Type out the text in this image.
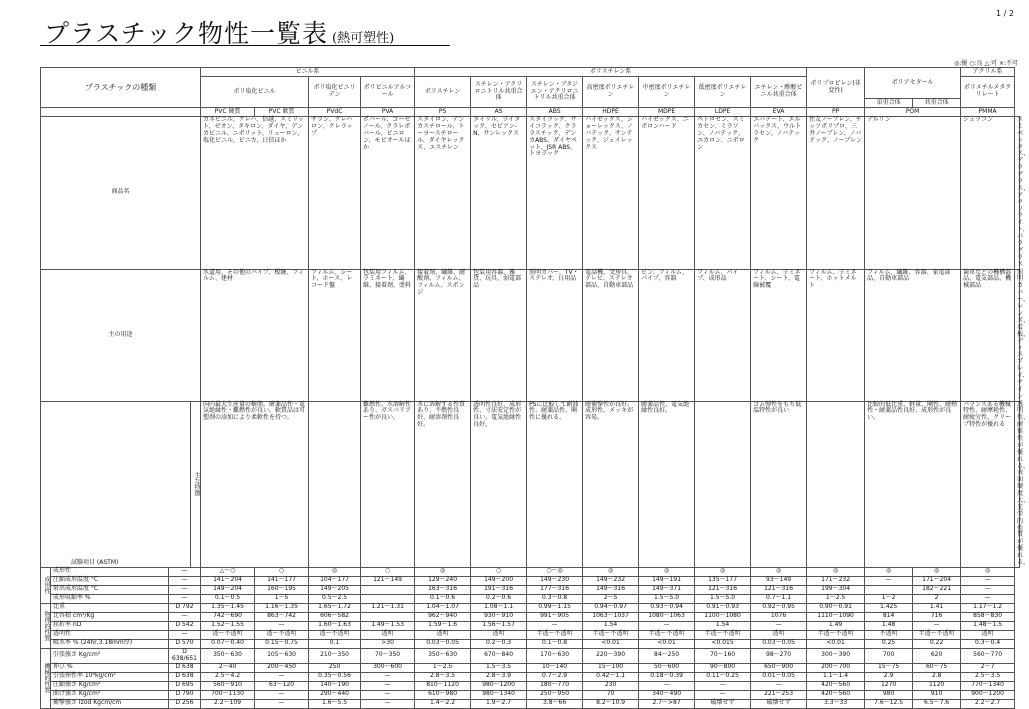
1 / 2
プラスチック物性一覧表 (熱可塑性)
◎:優 ○:良 △:可 ×:不可
プラスチックの種類				ビニル系				ポリスチレン系							ポリプロピレン(非変性)	ポリアセタール		アクリル系	
				ポリ塩化ビニル		ポリ塩化ビニリデン	ポリビニルアルコール	ポリスチレン	スチレン・アクリロニトリル共重合体	スチレン・ブタジエン・アクリロニトリル共重合体	高密度ポリエチレン	中密度ポリエチレン	低密度ポリエチレン	エチレン・酢酸ビニル共重合体				ポリメチルメタクリレート	
																単重合体	共重合体		
				PVC 硬質	PVC 軟質	PVdC	PVA	PS	AS	ABS	HDPE	MDPE	LDPE	EVA	PP	POM		PMMA	
商品名				カネビニル、クレハ、信越、スミリット、ゼオン、タキロン、ダイヤ、デンカビニル、ニポリット、リューロン、塩化ビニル、ビニカ、日信ほか		サラン、クレハロン、クレラップ	ポバール、ゴーセノール、クラレポバール、ビニロン、モビオールほか	スタイロン、デンカスチロール、トーヨースチロール、ダイヤレックス、エスチレン	タイリル、ライタック、セビアン-N、サンレックス	スタイラック、サイコラック、クララスチック、デンカABS、ダイヤペット、JSR ABS、トヨラック	ハイゼックス、ショーレックス、ノバテック、サンテック、ジェイレックス	ハイゼックス、ニポロンハード	ペトロセン、スミカセン、ミラソン、ノバテック、ユカロン、ニポロン	エバテート、エルバックス、ウルトラセン、ノバテック	住友ノーブレン、チッソポリプロ、三井ノーブレン、ノバテック、ノーブレン	デルリン		ジュラコン	スミペックス、デラグラス、アクリライト、パラグラス
主の用途				水道用、その他のパイプ、板継、フィルム、建材		フィルム、シート、ホース、レコード盤	包装用フィルム、ラミネート、繊維、接着剤、塗料	接着剤、繊維、耐酸剤、フィルム、フィルム、スポンジ	包装用容器、雑貨、玩具、弱電部品	照明カバー、TV・ステレオ、日用品	電話機、文房具、テレビ、ステレオ部品、自動車部品	ビン、フィルム、パイプ、容器	フィルム、パイプ、成形品	フィルム、ラミネート、シート、電線被覆	フィルム、ラミネート、ホットメルト	フィルム、繊維、容器、家電部品、自動車部品		歯車などの機構部品、電気部品、機械部品	照明カバー、レンズ、看板、ディスプレイ、サイン
試験項目 (ASTM)			主な特徴	国内最大生産量の樹脂。耐薬品性・電気絶縁性・難燃性が良い。軟質品は可塑剤の添加により柔軟性を持つ。			難燃性。水溶解性あり、ガスバリアー性が良い。	水に溶解する性質あり、不燃性良好、耐溶剤性良好。	透明性良好、成形性、寸法安定性が良い。電気絶縁性良好。	PSに比較して耐油性、耐薬品性、剛性に優れる。	耐衝撃性が良好。成形性、メッキが容易。	耐薬品性、電気絶縁性良好。		ゴム弾性をもち低温特性が良い		比較的低比重、軽量、剛性。耐熱性・耐薬品性良好、成形性が良い。		バランスある機械特性、耐摩耗性、耐疲労性、クリープ特性が優れる	透明性、耐候性が優れる。表面硬度大、光学的性質が優れる。
成形性	成形性	—		△〜○	○	◎	○	◎	○	○〜◎	◎	◎	◎	◎	◎	◎	◎	◎	
	圧縮成形温度 °C	—		141〜204	141〜177	104〜177	121〜149	129〜240	149〜200	149〜230	149〜232	149〜191	135〜177	93〜149	171〜232	—	171〜204	—	
	射出成形温度 °C	—		149〜204	160〜195	149〜205		163〜316	191〜316	177〜316	149〜316	149〜371	121〜316	121〜316	199〜304		182〜221	—	
	成形収縮率 %	—		0.1〜0.5	1〜5	0.5〜2.5		0.1〜0.6	0.2〜0.6	0.3〜0.8	2〜5	1.5〜5.0	1.5〜5.0	0.7〜1.1	1〜2.5	1〜2	2	—	
物理的性質	比重	D 792		1.35〜1.45	1.16〜1.35	1.65〜1.72	1.21〜1.31	1.04〜1.07	1.08〜1.1	0.99〜1.15	0.94〜0.97	0.93〜0.94	0.91〜0.93	0.92〜0.95	0.90〜0.91	1.425	1.41	1.17〜1.2	
	比容積 cm³/Kg	—		742〜690	863〜742	606〜582		962〜940	930〜910	991〜905	1063〜1037	1080〜1063	1100〜1080	1076	1110〜1090	814	716	858〜830	
	屈折率 nD	D 542		1.52〜1.55	—	1.60〜1.63	1.49〜1.53	1.59〜1.6	1.56〜1.57	—	1.54	—	1.54	—	1.49	1.48	—	1.48〜1.5	
	透明性	—		透〜不透明	透〜不透明	透〜不透明	透明	透明	透明	半透〜不透明	半透〜不透明	半透〜不透明	半透〜不透明	透明	半透〜不透明	不透明	半透〜不透明	透明	
	吸水率 % (24hr,3.18mm厚)	D 570		0.07〜0.40	0.15〜0.75	0.1	>30	0.03〜0.05	0.2〜0.3	0.1〜0.8	<0.01	<0.01	<0.015	0.03〜0.05	<0.01	0.25	0.22	0.3〜0.4	
機械的性質	引張強さ Kg/cm²	D 638/651		350〜630	105〜630	210〜350	70〜350	350〜630	670〜840	170〜630	220〜390	84〜250	70〜160	98〜270	300〜390	700	620	560〜770	
	伸び %	D 638		2〜40	200〜450	250	300〜600	1〜2.5	1.5〜3.5	10〜140	15〜100	50〜600	90〜800	650〜900	200〜700	15〜75	60〜75	2〜7	
	引張弾性率 10⁴kg/cm²	D 638		2.5〜4.2	—	0.35〜0.56	—	2.8〜3.5	2.8〜3.9	0.7〜2.9	0.42〜1.1	0.18〜0.39	0.11〜0.25	0.01〜0.05	1.1〜1.4	2.9	2.8	2.5〜3.5	
	圧縮強さ Kg/cm²	D 695		560〜910	63〜120	140〜190	—	810〜1120	980〜1200	180〜770	230	—	—	—	420〜560	1270	1120	770〜1340	
	曲げ強さ Kg/cm²	D 790		700〜1130	—	290〜440	—	610〜980	980〜1340	250〜950	70	340〜490	—	221〜253	420〜560	980	910	900〜1200	
	衝撃強さ Izod Kgcm/cm	D 256		2.2〜109	—	1.6〜5.5	—	1.4〜2.2	1.9〜2.7	3.8〜66	8.2〜10.9	2.7〜>87	破壊せず	破壊せず	3.3〜33	7.6〜12.5	6.5〜7.6	2.2〜2.7	
